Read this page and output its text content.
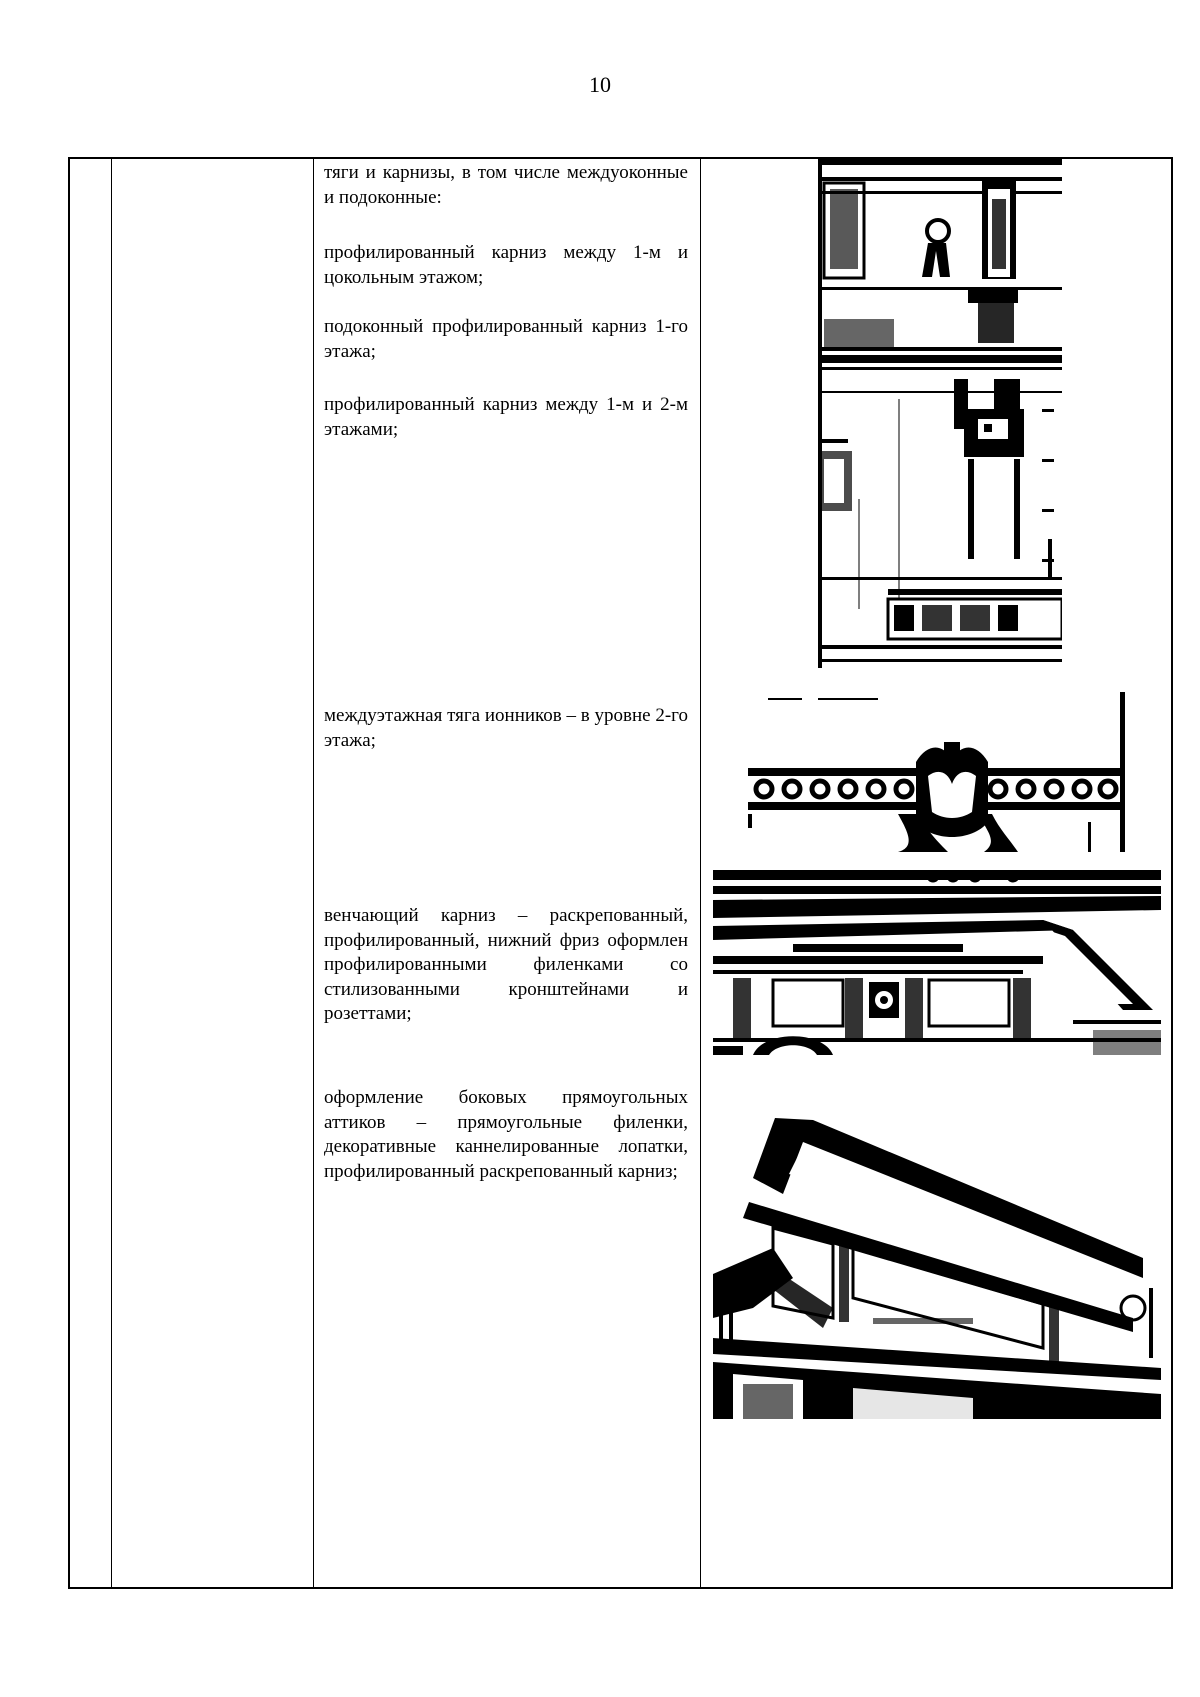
10
тяги и карнизы, в том числе междуоконные и подоконные:
профилированный карниз между 1-м и цокольным этажом;
подоконный профилированный карниз 1-го этажа;
профилированный карниз между 1-м и 2-м этажами;
междуэтажная тяга ионников – в уровне 2-го этажа;
венчающий карниз – раскрепованный, профилированный, нижний фриз оформлен профилированными филенками со стилизованными кронштейнами и розеттами;
оформление боковых прямоугольных аттиков – прямоугольные филенки, декоративные каннелированные лопатки, профилированный раскрепованный карниз;
